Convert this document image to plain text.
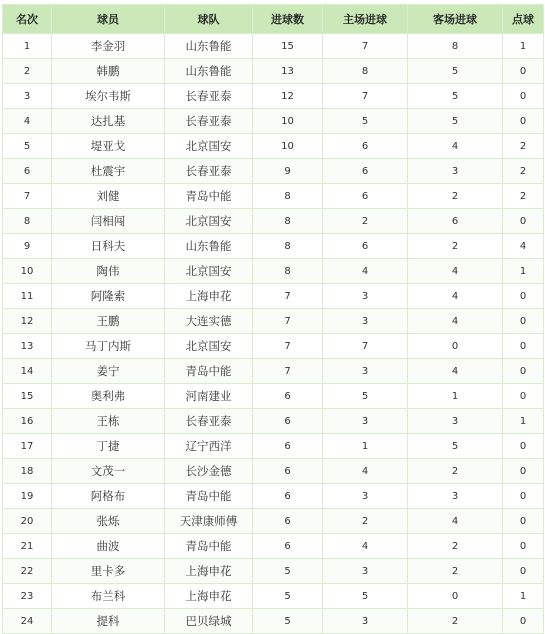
名次	球员	球队	进球数	主场进球	客场进球	点球
1	李金羽	山东鲁能	15	7	8	1
2	韩鹏	山东鲁能	13	8	5	0
3	埃尔韦斯	长春亚泰	12	7	5	0
4	达扎基	长春亚泰	10	5	5	0
5	堤亚戈	北京国安	10	6	4	2
6	杜震宇	长春亚泰	9	6	3	2
7	刘健	青岛中能	8	6	2	2
8	闫相闯	北京国安	8	2	6	0
9	日科夫	山东鲁能	8	6	2	4
10	陶伟	北京国安	8	4	4	1
11	阿隆索	上海申花	7	3	4	0
12	王鹏	大连实德	7	3	4	0
13	马丁内斯	北京国安	7	7	0	0
14	姜宁	青岛中能	7	3	4	0
15	奥利弗	河南建业	6	5	1	0
16	王栋	长春亚泰	6	3	3	1
17	丁捷	辽宁西洋	6	1	5	0
18	文茂一	长沙金德	6	4	2	0
19	阿格布	青岛中能	6	3	3	0
20	张烁	天津康师傅	6	2	4	0
21	曲波	青岛中能	6	4	2	0
22	里卡多	上海申花	5	3	2	0
23	布兰科	上海申花	5	5	0	1
24	提科	巴贝绿城	5	3	2	0
